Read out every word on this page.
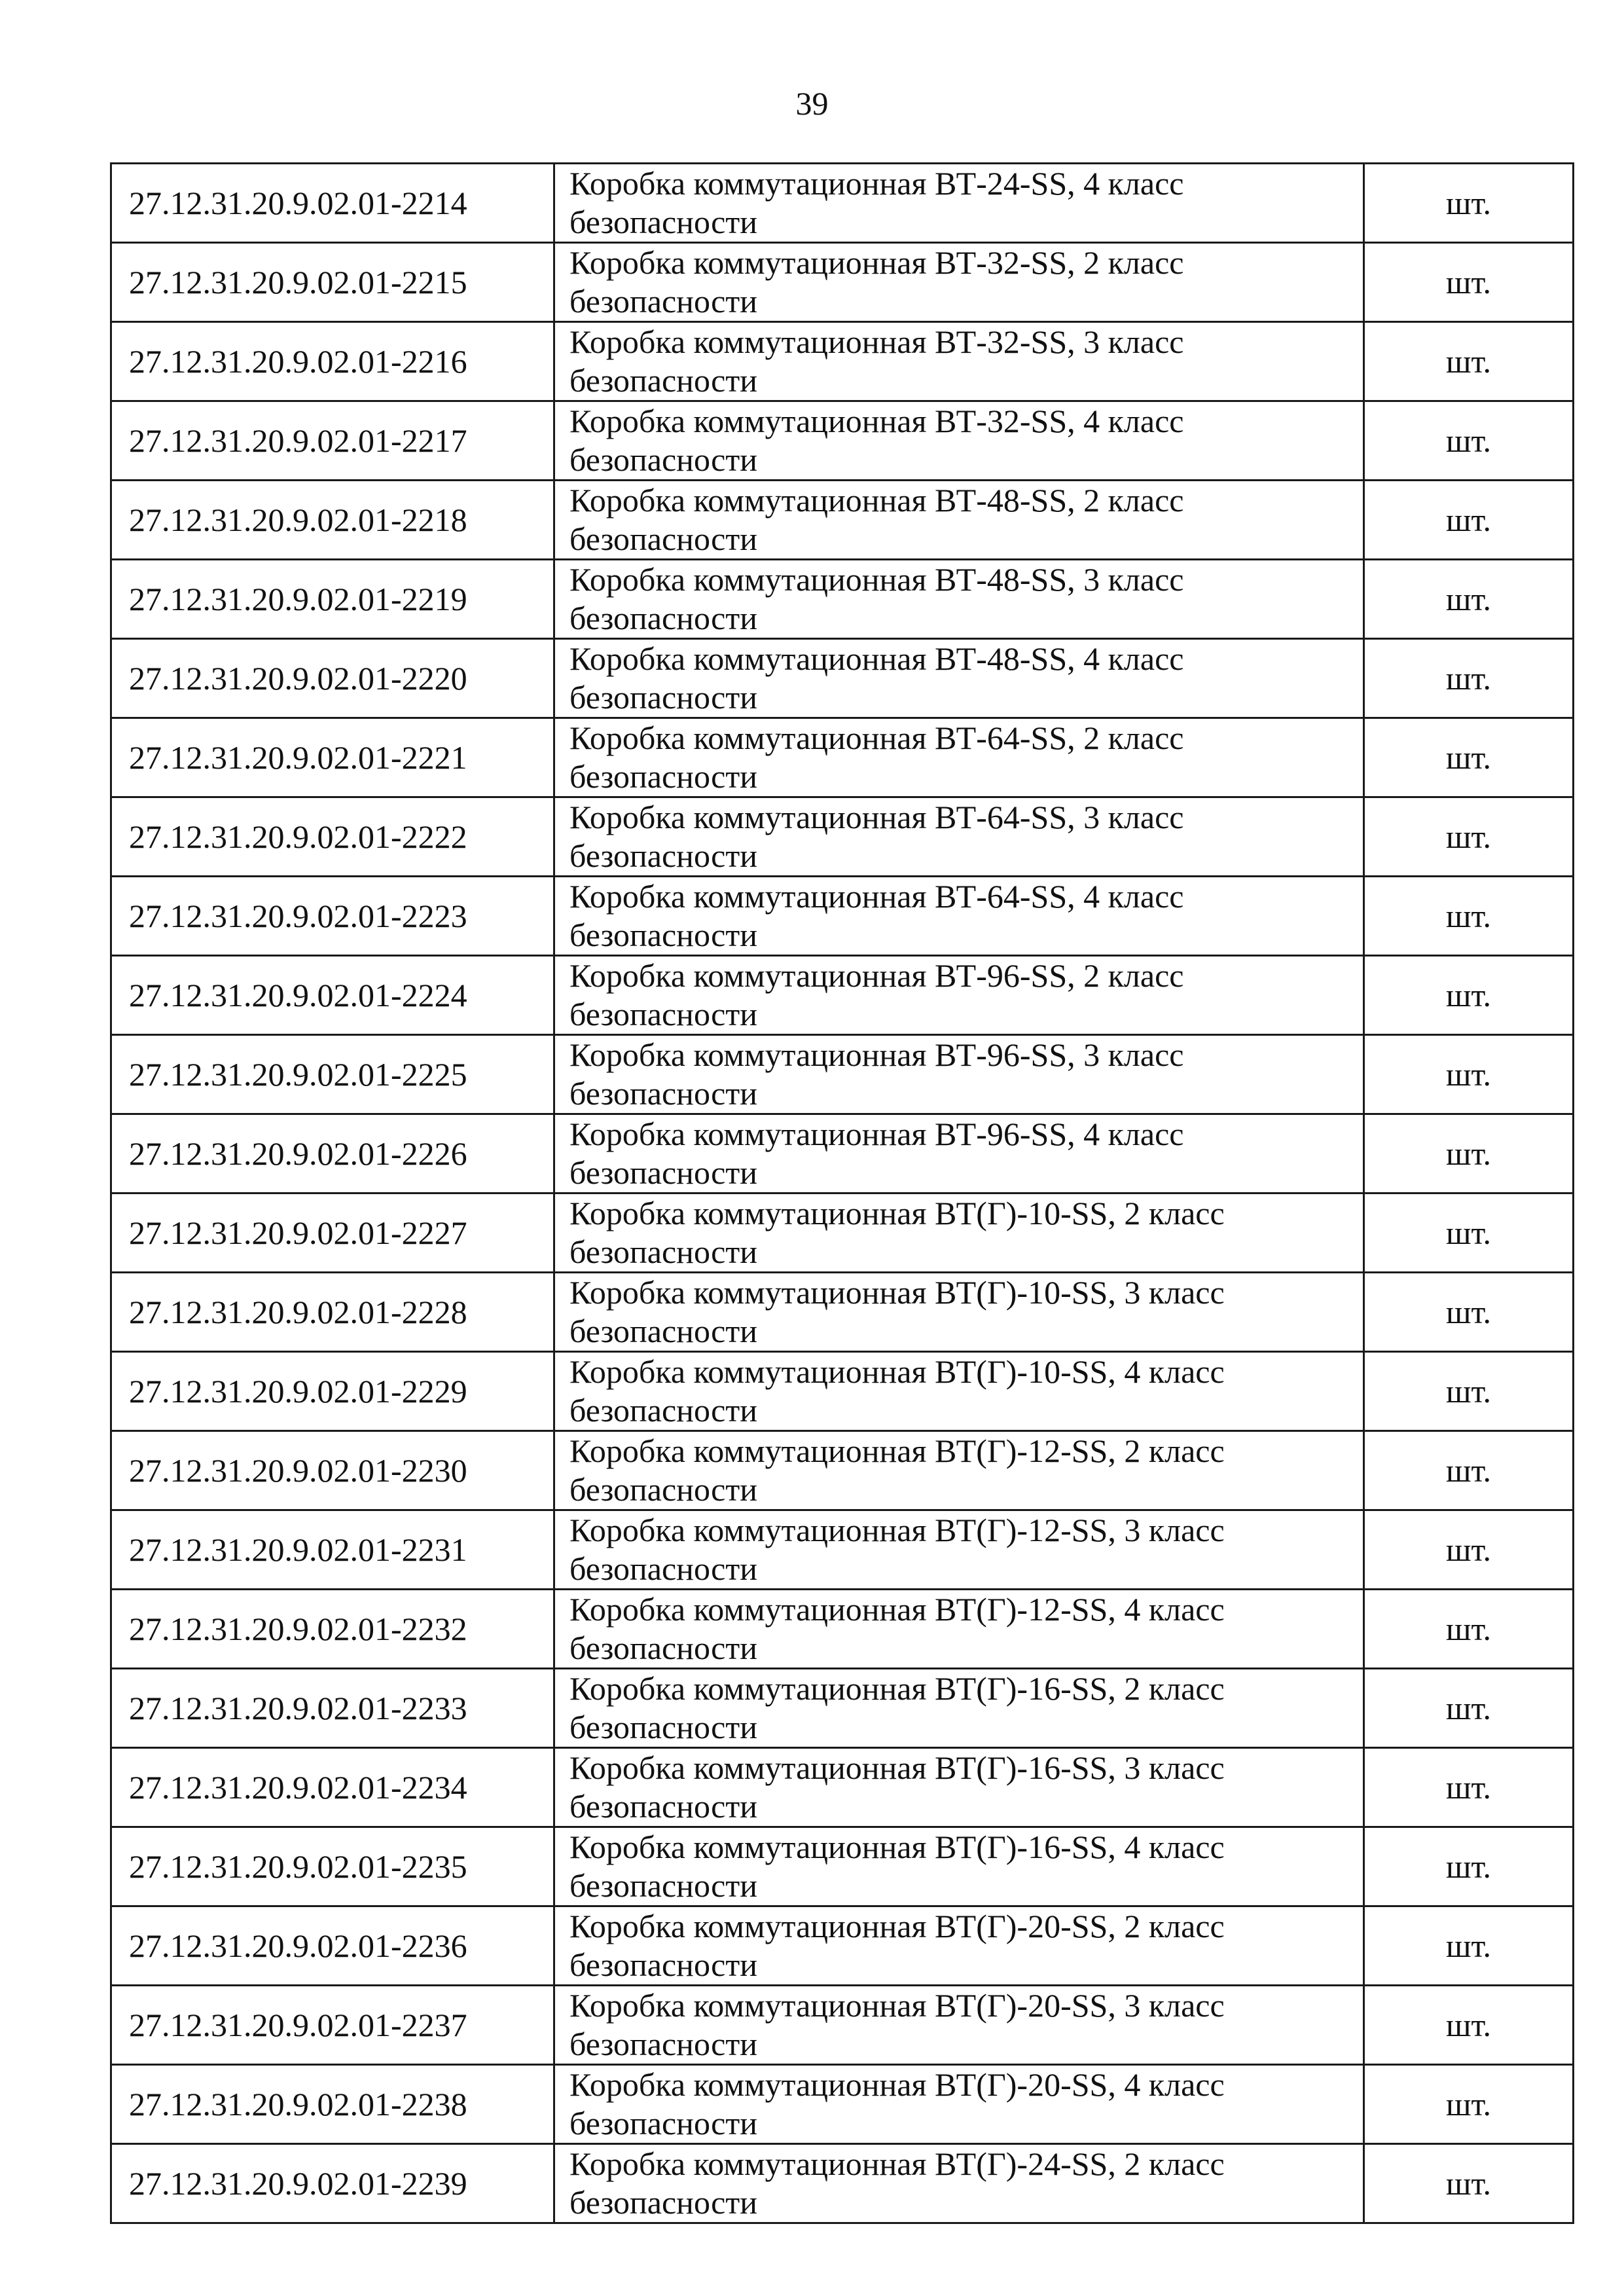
39
27.12.31.20.9.02.01-2214	Коробка коммутационная ВТ-24-SS, 4 класс безопасности	шт.
27.12.31.20.9.02.01-2215	Коробка коммутационная ВТ-32-SS, 2 класс безопасности	шт.
27.12.31.20.9.02.01-2216	Коробка коммутационная ВТ-32-SS, 3 класс безопасности	шт.
27.12.31.20.9.02.01-2217	Коробка коммутационная ВТ-32-SS, 4 класс безопасности	шт.
27.12.31.20.9.02.01-2218	Коробка коммутационная ВТ-48-SS, 2 класс безопасности	шт.
27.12.31.20.9.02.01-2219	Коробка коммутационная ВТ-48-SS, 3 класс безопасности	шт.
27.12.31.20.9.02.01-2220	Коробка коммутационная ВТ-48-SS, 4 класс безопасности	шт.
27.12.31.20.9.02.01-2221	Коробка коммутационная ВТ-64-SS, 2 класс безопасности	шт.
27.12.31.20.9.02.01-2222	Коробка коммутационная ВТ-64-SS, 3 класс безопасности	шт.
27.12.31.20.9.02.01-2223	Коробка коммутационная ВТ-64-SS, 4 класс безопасности	шт.
27.12.31.20.9.02.01-2224	Коробка коммутационная ВТ-96-SS, 2 класс безопасности	шт.
27.12.31.20.9.02.01-2225	Коробка коммутационная ВТ-96-SS, 3 класс безопасности	шт.
27.12.31.20.9.02.01-2226	Коробка коммутационная ВТ-96-SS, 4 класс безопасности	шт.
27.12.31.20.9.02.01-2227	Коробка коммутационная ВТ(Г)-10-SS, 2 класс безопасности	шт.
27.12.31.20.9.02.01-2228	Коробка коммутационная ВТ(Г)-10-SS, 3 класс безопасности	шт.
27.12.31.20.9.02.01-2229	Коробка коммутационная ВТ(Г)-10-SS, 4 класс безопасности	шт.
27.12.31.20.9.02.01-2230	Коробка коммутационная ВТ(Г)-12-SS, 2 класс безопасности	шт.
27.12.31.20.9.02.01-2231	Коробка коммутационная ВТ(Г)-12-SS, 3 класс безопасности	шт.
27.12.31.20.9.02.01-2232	Коробка коммутационная ВТ(Г)-12-SS, 4 класс безопасности	шт.
27.12.31.20.9.02.01-2233	Коробка коммутационная ВТ(Г)-16-SS, 2 класс безопасности	шт.
27.12.31.20.9.02.01-2234	Коробка коммутационная ВТ(Г)-16-SS, 3 класс безопасности	шт.
27.12.31.20.9.02.01-2235	Коробка коммутационная ВТ(Г)-16-SS, 4 класс безопасности	шт.
27.12.31.20.9.02.01-2236	Коробка коммутационная ВТ(Г)-20-SS, 2 класс безопасности	шт.
27.12.31.20.9.02.01-2237	Коробка коммутационная ВТ(Г)-20-SS, 3 класс безопасности	шт.
27.12.31.20.9.02.01-2238	Коробка коммутационная ВТ(Г)-20-SS, 4 класс безопасности	шт.
27.12.31.20.9.02.01-2239	Коробка коммутационная ВТ(Г)-24-SS, 2 класс безопасности	шт.
